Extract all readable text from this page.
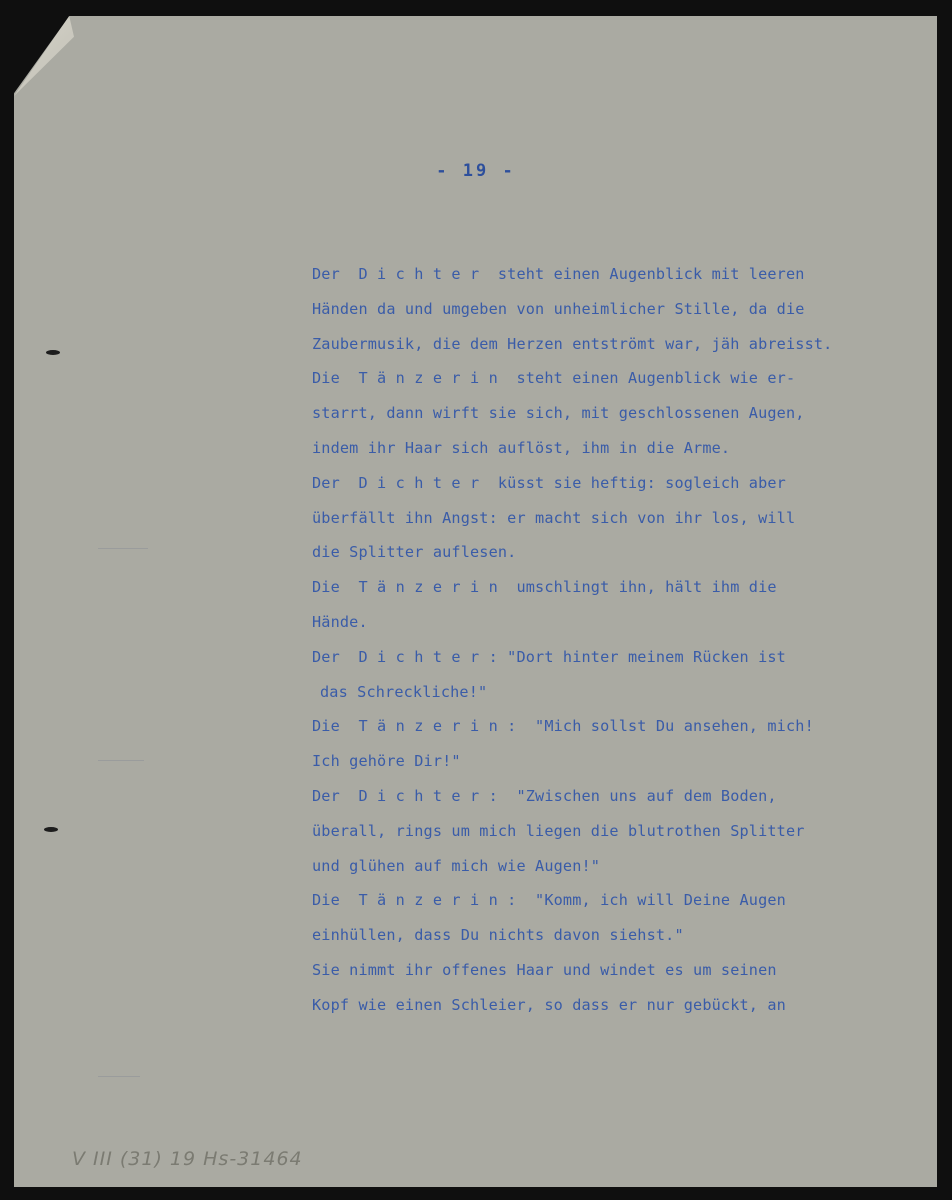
- 19 -
Der  D i c h t e r  steht einen Augenblick mit leeren
Händen da und umgeben von unheimlicher Stille, da die
Zaubermusik, die dem Herzen entströmt war, jäh abreisst.
Die  T ä n z e r i n  steht einen Augenblick wie er-
starrt, dann wirft sie sich, mit geschlossenen Augen,
indem ihr Haar sich auflöst, ihm in die Arme.
Der  D i c h t e r  küsst sie heftig: sogleich aber
überfällt ihn Angst: er macht sich von ihr los, will
die Splitter auflesen.
Die  T ä n z e r i n  umschlingt ihn, hält ihm die
Hände.
Der  D i c h t e r : "Dort hinter meinem Rücken ist
das Schreckliche!"
Die  T ä n z e r i n :  "Mich sollst Du ansehen, mich!
Ich gehöre Dir!"
Der  D i c h t e r :  "Zwischen uns auf dem Boden,
überall, rings um mich liegen die blutrothen Splitter
und glühen auf mich wie Augen!"
Die  T ä n z e r i n :  "Komm, ich will Deine Augen
einhüllen, dass Du nichts davon siehst."
Sie nimmt ihr offenes Haar und windet es um seinen
Kopf wie einen Schleier, so dass er nur gebückt, an
V III (31) 19 Hs-31464
